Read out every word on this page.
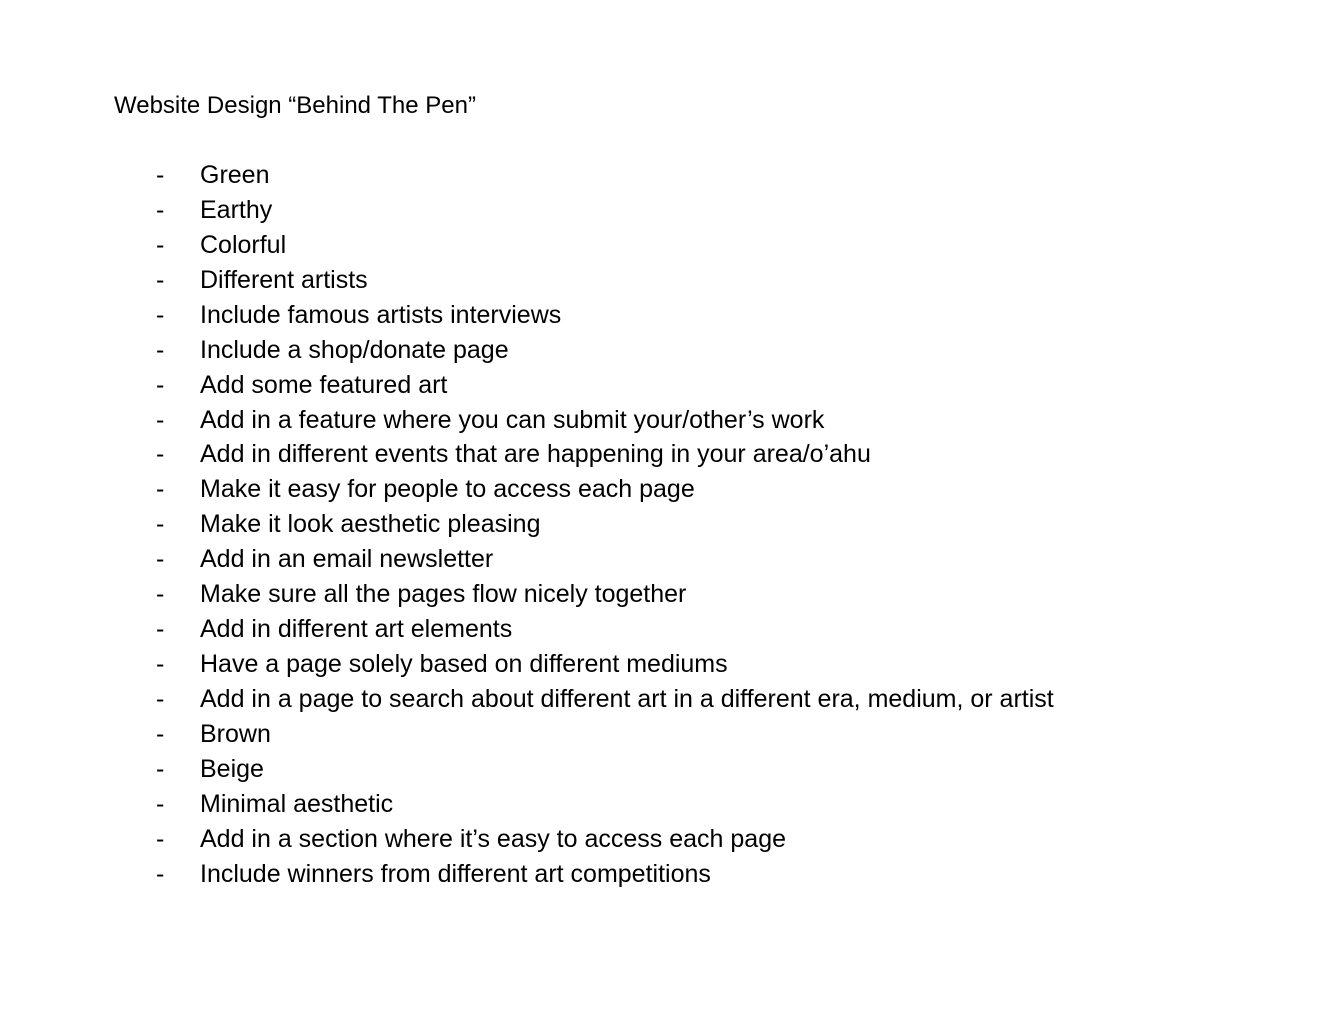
Website Design “Behind The Pen”
-	Green
-	Earthy
-	Colorful
-	Different artists
-	Include famous artists interviews
-	Include a shop/donate page
-	Add some featured art
-	Add in a feature where you can submit your/other’s work
-	Add in different events that are happening in your area/o’ahu
-	Make it easy for people to access each page
-	Make it look aesthetic pleasing
-	Add in an email newsletter
-	Make sure all the pages flow nicely together
-	Add in different art elements
-	Have a page solely based on different mediums
-	Add in a page to search about different art in a different era, medium, or artist
-	Brown
-	Beige
-	Minimal aesthetic
-	Add in a section where it’s easy to access each page
-	Include winners from different art competitions
